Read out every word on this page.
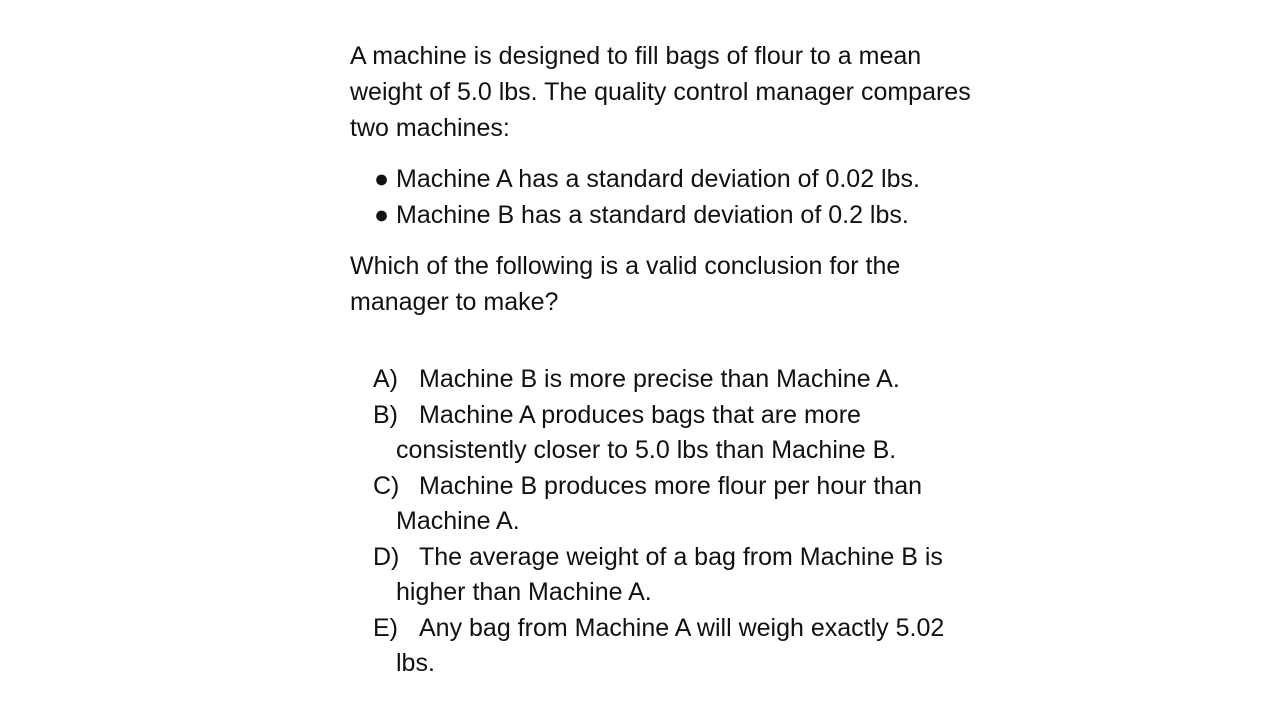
A machine is designed to fill bags of flour to a mean weight of 5.0 lbs. The quality control manager compares two machines:

● Machine A has a standard deviation of 0.02 lbs.
● Machine B has a standard deviation of 0.2 lbs.

Which of the following is a valid conclusion for the manager to make?

A) Machine B is more precise than Machine A.
B) Machine A produces bags that are more consistently closer to 5.0 lbs than Machine B.
C) Machine B produces more flour per hour than Machine A.
D) The average weight of a bag from Machine B is higher than Machine A.
E) Any bag from Machine A will weigh exactly 5.02 lbs.
